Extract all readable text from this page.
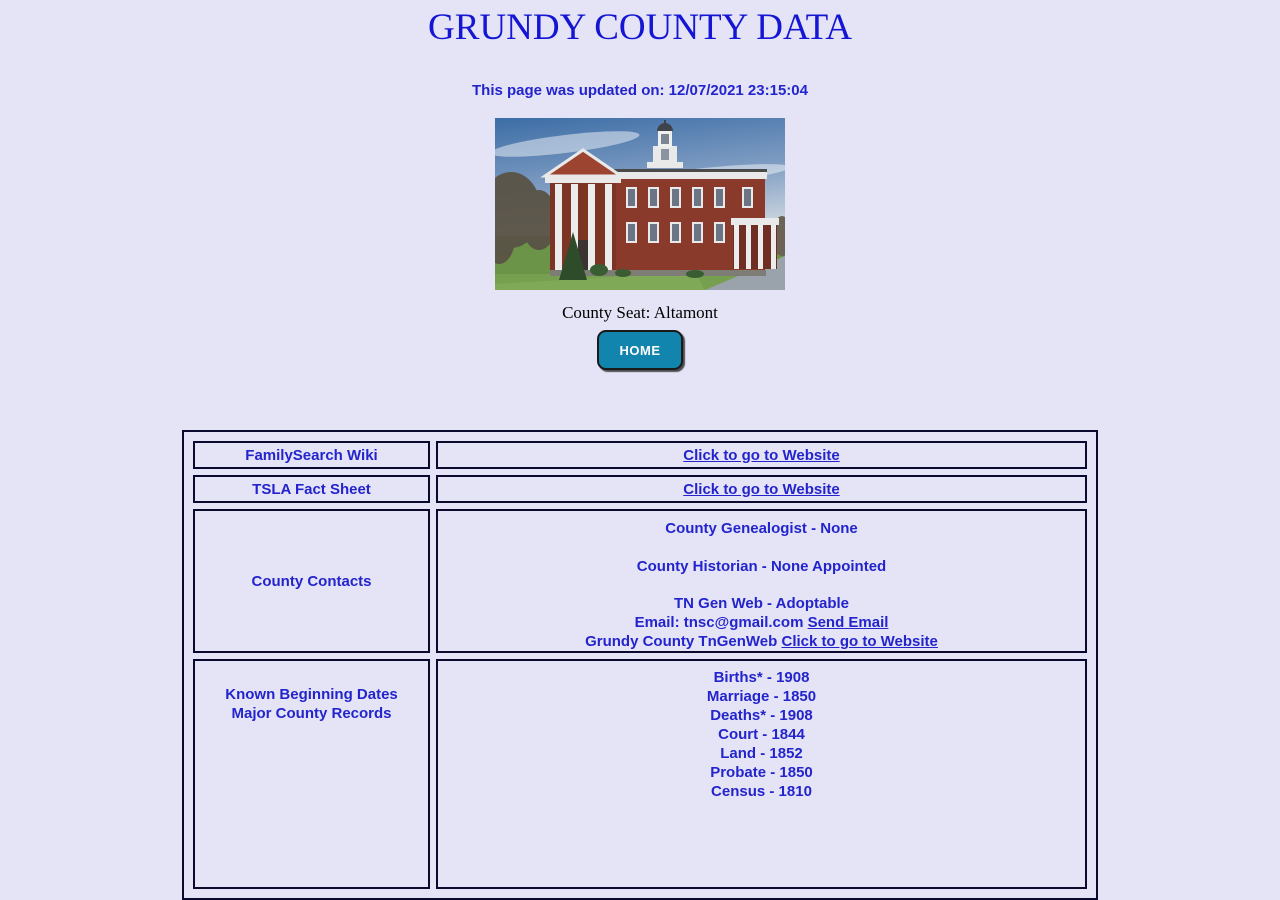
GRUNDY COUNTY DATA
This page was updated on: 12/07/2021 23:15:04
County Seat: Altamont
HOME
FamilySearch Wiki	Click to go to Website
TSLA Fact Sheet	Click to go to Website
County Contacts
County Genealogist - None
County Historian - None Appointed
TN Gen Web - Adoptable
Email: tnsc@gmail.com Send Email
Grundy County TnGenWeb Click to go to Website
Known Beginning Dates
Major County Records
Births* - 1908
Marriage - 1850
Deaths* - 1908
Court - 1844
Land - 1852
Probate - 1850
Census - 1810
